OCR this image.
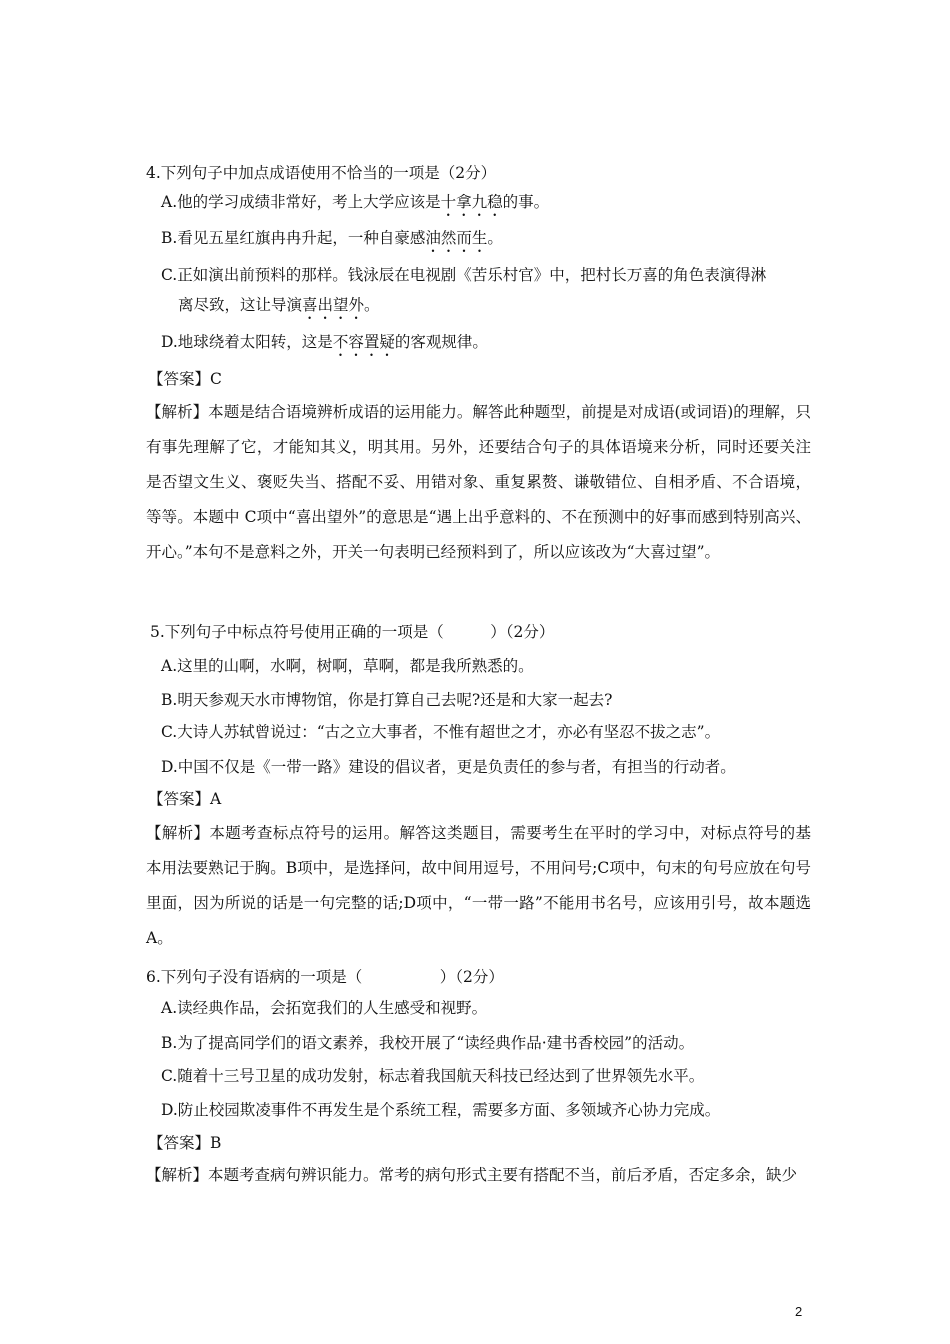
4.下列句子中加点成语使用不恰当的一项是（2分）
A.他的学习成绩非常好，考上大学应该是十拿九稳的事。
B.看见五星红旗冉冉升起，一种自豪感油然而生。
C.正如演出前预料的那样。钱泳辰在电视剧《苦乐村官》中，把村长万喜的角色表演得淋
离尽致，这让导演喜出望外。
D.地球绕着太阳转，这是不容置疑的客观规律。
【答案】C
【解析】本题是结合语境辨析成语的运用能力。解答此种题型，前提是对成语(或词语)的理解，只有事先理解了它，才能知其义，明其用。另外，还要结合句子的具体语境来分析，同时还要关注是否望文生义、褒贬失当、搭配不妥、用错对象、重复累赘、谦敬错位、自相矛盾、不合语境，等等。本题中 C项中“喜出望外”的意思是“遇上出乎意料的、不在预测中的好事而感到特别高兴、开心。”本句不是意料之外，开关一句表明已经预料到了，所以应该改为“大喜过望”。
5.下列句子中标点符号使用正确的一项是（　　　）（2分）
A.这里的山啊，水啊，树啊，草啊，都是我所熟悉的。
B.明天参观天水市博物馆，你是打算自己去呢?还是和大家一起去?
C.大诗人苏轼曾说过：“古之立大事者，不惟有超世之才，亦必有坚忍不拔之志”。
D.中国不仅是《一带一路》建设的倡议者，更是负责任的参与者，有担当的行动者。
【答案】A
【解析】本题考查标点符号的运用。解答这类题目，需要考生在平时的学习中，对标点符号的基本用法要熟记于胸。B项中，是选择问，故中间用逗号，不用问号;C项中，句末的句号应放在句号里面，因为所说的话是一句完整的话;D项中，“一带一路”不能用书名号，应该用引号，故本题选A。
6.下列句子没有语病的一项是（　　　　　）（2分）
A.读经典作品，会拓宽我们的人生感受和视野。
B.为了提高同学们的语文素养，我校开展了“读经典作品·建书香校园”的活动。
C.随着十三号卫星的成功发射，标志着我国航天科技已经达到了世界领先水平。
D.防止校园欺凌事件不再发生是个系统工程，需要多方面、多领域齐心协力完成。
【答案】B
【解析】本题考查病句辨识能力。常考的病句形式主要有搭配不当，前后矛盾，否定多余，缺少
2
